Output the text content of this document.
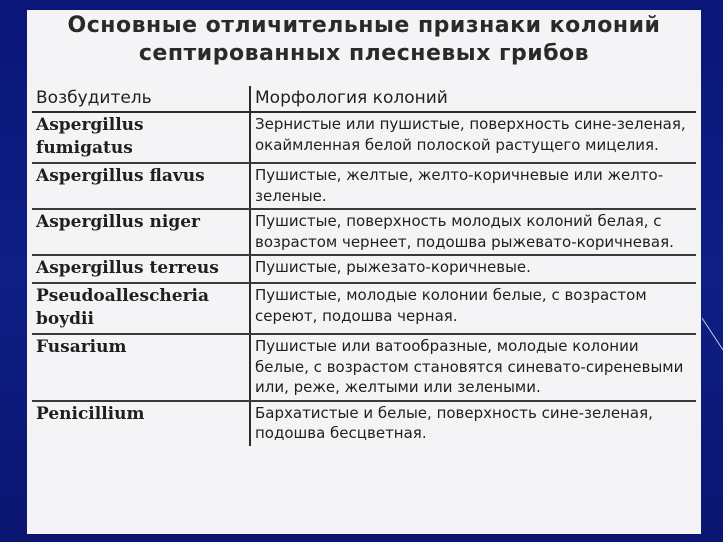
Основные отличительные признаки колоний
септированных плесневых грибов
Возбудитель	Морфология колоний
Aspergillus fumigatus	Зернистые или пушистые, поверхность сине-зеленая, окаймленная белой полоской растущего мицелия.
Aspergillus flavus	Пушистые, желтые, желто-коричневые или желто-зеленые.
Aspergillus niger	Пушистые, поверхность молодых колоний белая, с возрастом чернеет, подошва рыжевато-коричневая.
Aspergillus terreus	Пушистые, рыжезато-коричневые.
Pseudoallescheria boydii	Пушистые, молодые колонии белые, с возрастом сереют, подошва черная.
Fusarium	Пушистые или ватообразные, молодые колонии белые, с возрастом становятся синевато-сиреневыми или, реже, желтыми или зелеными.
Penicillium	Бархатистые и белые, поверхность сине-зеленая, подошва бесцветная.
